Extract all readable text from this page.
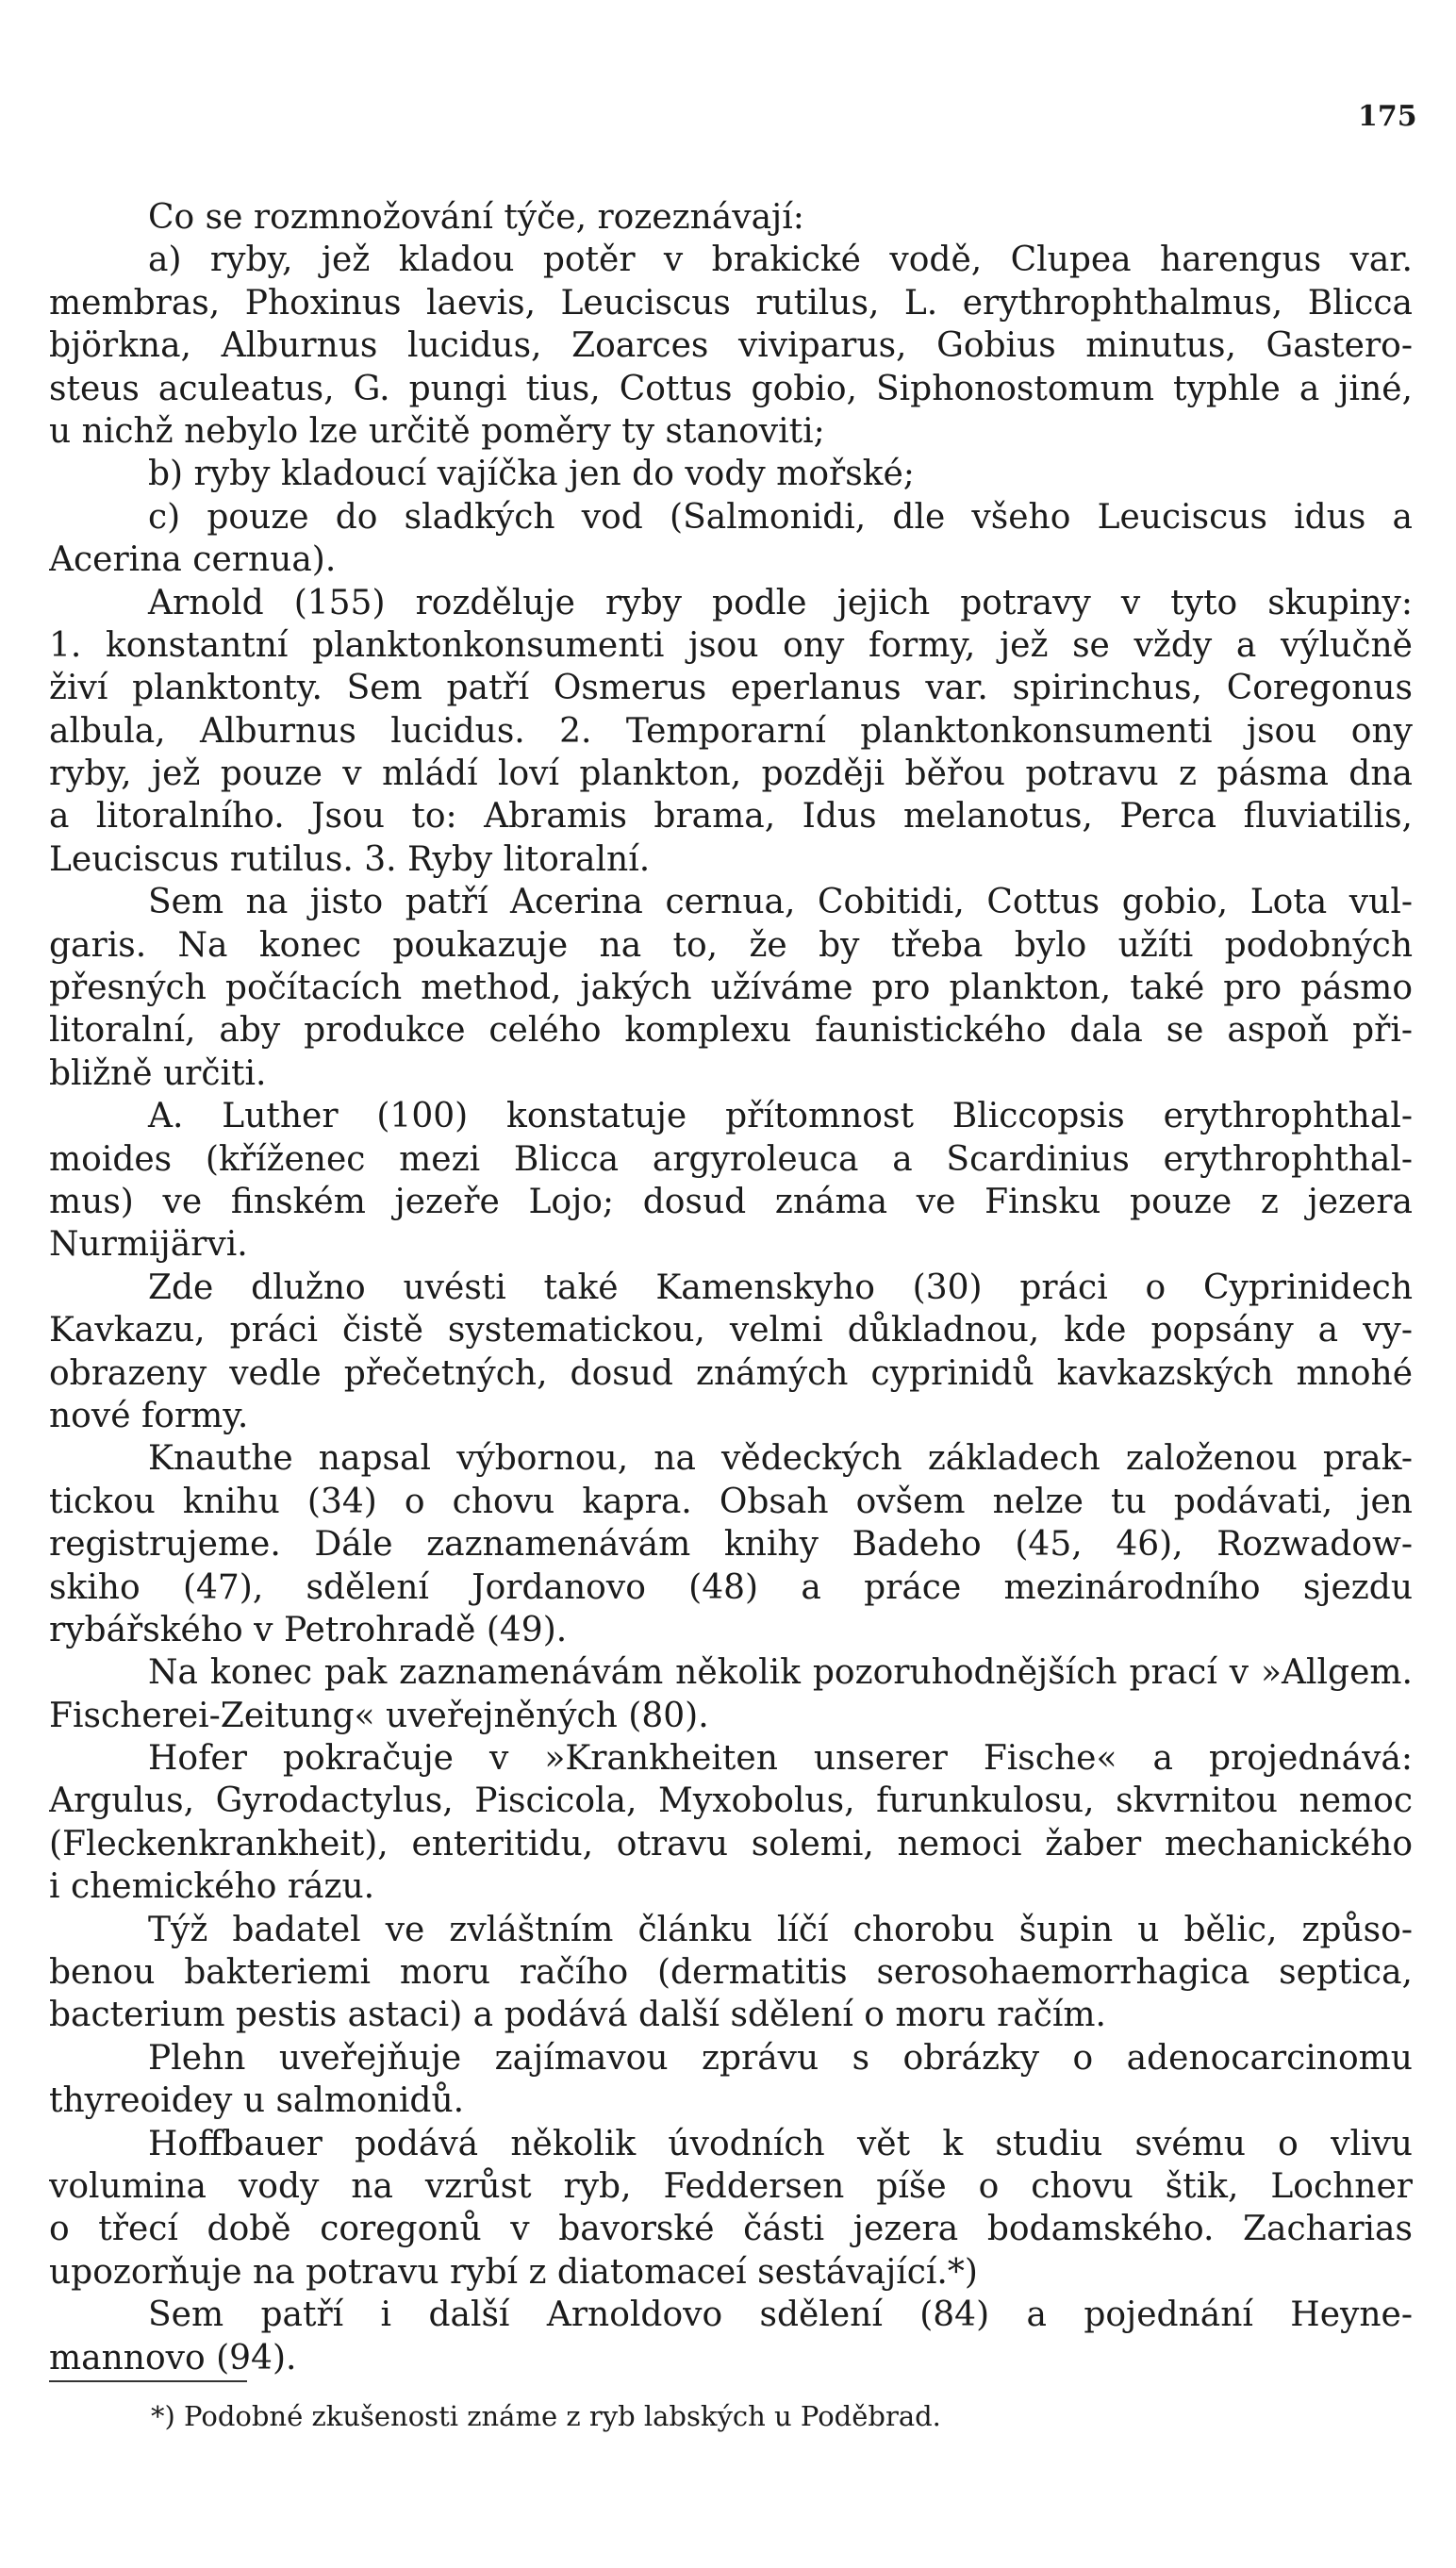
175
Co se rozmnožování týče, rozeznávají:
a) ryby, jež kladou potěr v brakické vodě, Clupea harengus var.
membras, Phoxinus laevis, Leuciscus rutilus, L. erythrophthalmus, Blicca
björkna, Alburnus lucidus, Zoarces viviparus, Gobius minutus, Gastero-
steus aculeatus, G. pungi tius, Cottus gobio, Siphonostomum typhle a jiné,
u nichž nebylo lze určitě poměry ty stanoviti;
b) ryby kladoucí vajíčka jen do vody mořské;
c) pouze do sladkých vod (Salmonidi, dle všeho Leuciscus idus a
Acerina cernua).
Arnold (155) rozděluje ryby podle jejich potravy v tyto skupiny:
1. konstantní planktonkonsumenti jsou ony formy, jež se vždy a výlučně
živí planktonty. Sem patří Osmerus eperlanus var. spirinchus, Coregonus
albula, Alburnus lucidus. 2. Temporarní planktonkonsumenti jsou ony
ryby, jež pouze v mládí loví plankton, později běřou potravu z pásma dna
a litoralního. Jsou to: Abramis brama, Idus melanotus, Perca fluviatilis,
Leuciscus rutilus. 3. Ryby litoralní.
Sem na jisto patří Acerina cernua, Cobitidi, Cottus gobio, Lota vul-
garis. Na konec poukazuje na to, že by třeba bylo užíti podobných
přesných počítacích method, jakých užíváme pro plankton, také pro pásmo
litoralní, aby produkce celého komplexu faunistického dala se aspoň při-
bližně určiti.
A. Luther (100) konstatuje přítomnost Bliccopsis erythrophthal-
moides (kříženec mezi Blicca argyroleuca a Scardinius erythrophthal-
mus) ve finském jezeře Lojo; dosud známa ve Finsku pouze z jezera
Nurmijärvi.
Zde dlužno uvésti také Kamenskyho (30) práci o Cyprinidech
Kavkazu, práci čistě systematickou, velmi důkladnou, kde popsány a vy-
obrazeny vedle přečetných, dosud známých cyprinidů kavkazských mnohé
nové formy.
Knauthe napsal výbornou, na vědeckých základech založenou prak-
tickou knihu (34) o chovu kapra. Obsah ovšem nelze tu podávati, jen
registrujeme. Dále zaznamenávám knihy Badeho (45, 46), Rozwadow-
skiho (47), sdělení Jordanovo (48) a práce mezinárodního sjezdu
rybářského v Petrohradě (49).
Na konec pak zaznamenávám několik pozoruhodnějších prací v »Allgem.
Fischerei-Zeitung« uveřejněných (80).
Hofer pokračuje v »Krankheiten unserer Fische« a projednává:
Argulus, Gyrodactylus, Piscicola, Myxobolus, furunkulosu, skvrnitou nemoc
(Fleckenkrankheit), enteritidu, otravu solemi, nemoci žaber mechanického
i chemického rázu.
Týž badatel ve zvláštním článku líčí chorobu šupin u bělic, způso-
benou bakteriemi moru račího (dermatitis serosohaemorrhagica septica,
bacterium pestis astaci) a podává další sdělení o moru račím.
Plehn uveřejňuje zajímavou zprávu s obrázky o adenocarcinomu
thyreoidey u salmonidů.
Hoffbauer podává několik úvodních vět k studiu svému o vlivu
volumina vody na vzrůst ryb, Feddersen píše o chovu štik, Lochner
o třecí době coregonů v bavorské části jezera bodamského. Zacharias
upozorňuje na potravu rybí z diatomaceí sestávající.*)
Sem patří i další Arnoldovo sdělení (84) a pojednání Heyne-
mannovo (94).
*) Podobné zkušenosti známe z ryb labských u Poděbrad.
